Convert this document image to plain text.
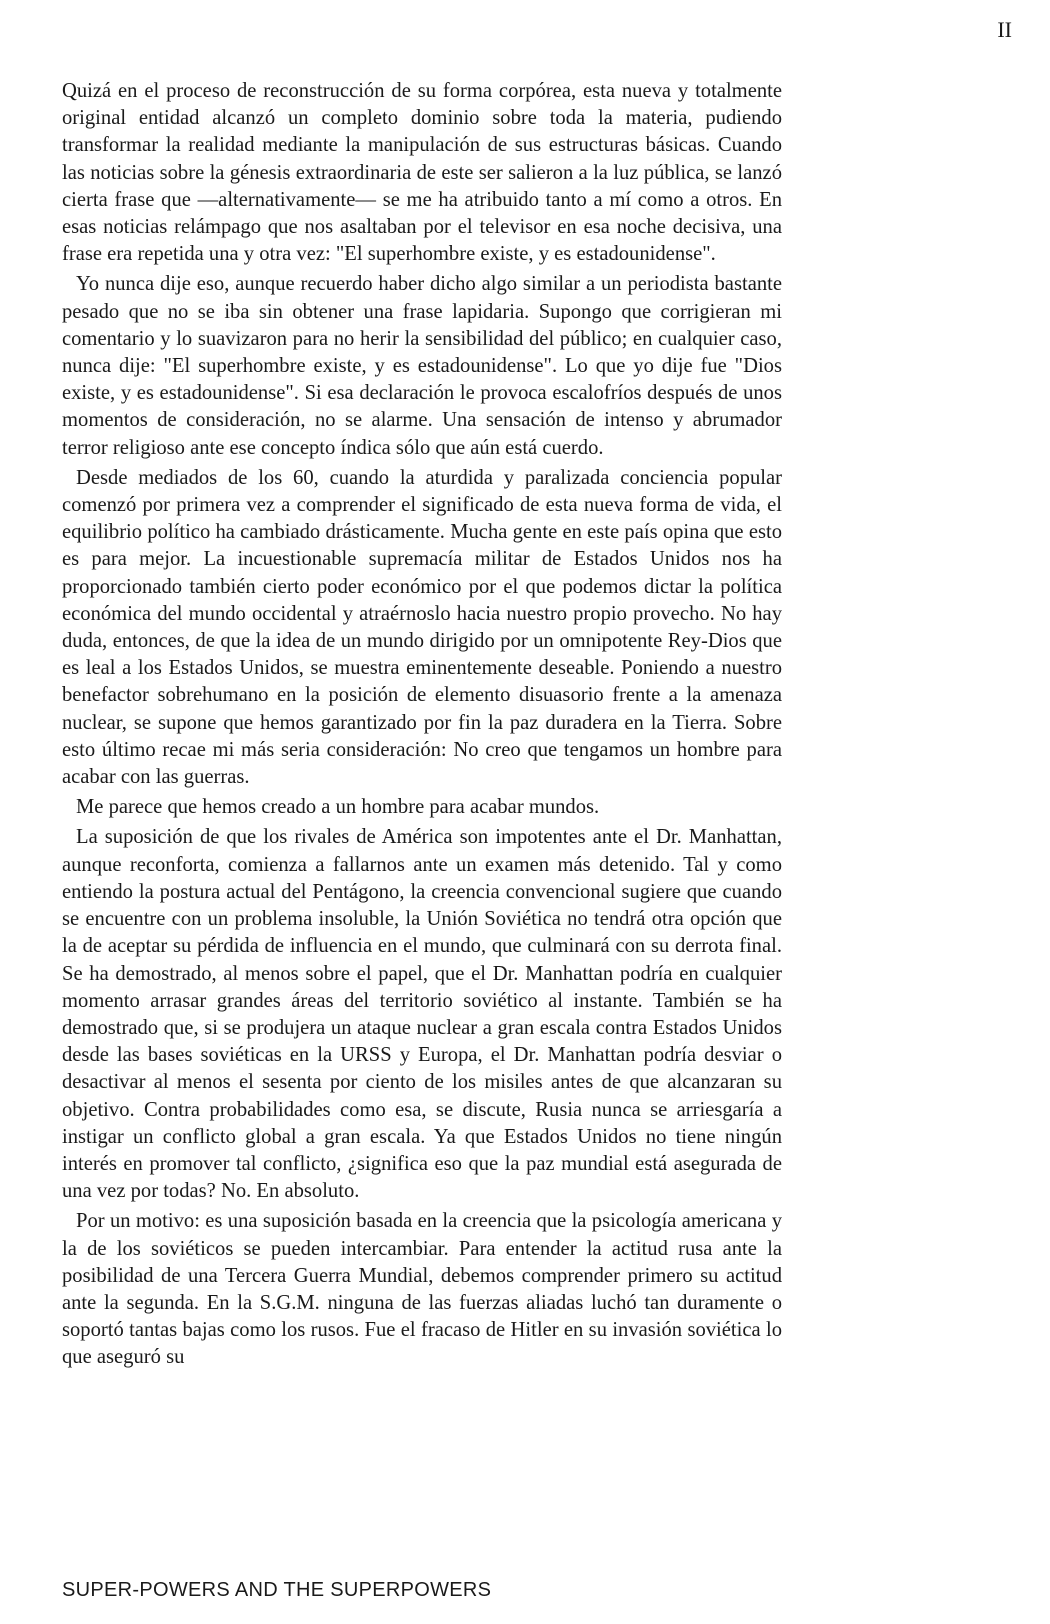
II

Quizá en el proceso de reconstrucción de su forma corpórea, esta nueva y totalmente original entidad alcanzó un completo dominio sobre toda la materia, pudiendo transformar la realidad mediante la manipulación de sus estructuras básicas. Cuando las noticias sobre la génesis extraordinaria de este ser salieron a la luz pública, se lanzó cierta frase que —alternativamente— se me ha atribuido tanto a mí como a otros. En esas noticias relámpago que nos asaltaban por el televisor en esa noche decisiva, una frase era repetida una y otra vez: "El superhombre existe, y es estadounidense".

Yo nunca dije eso, aunque recuerdo haber dicho algo similar a un periodista bastante pesado que no se iba sin obtener una frase lapidaria. Supongo que corrigieran mi comentario y lo suavizaron para no herir la sensibilidad del público; en cualquier caso, nunca dije: "El superhombre existe, y es estadounidense". Lo que yo dije fue "Dios existe, y es estadounidense". Si esa declaración le provoca escalofríos después de unos momentos de consideración, no se alarme. Una sensación de intenso y abrumador terror religioso ante ese concepto índica sólo que aún está cuerdo.

Desde mediados de los 60, cuando la aturdida y paralizada conciencia popular comenzó por primera vez a comprender el significado de esta nueva forma de vida, el equilibrio político ha cambiado drásticamente. Mucha gente en este país opina que esto es para mejor. La incuestionable supremacía militar de Estados Unidos nos ha proporcionado también cierto poder económico por el que podemos dictar la política económica del mundo occidental y atraérnoslo hacia nuestro propio provecho. No hay duda, entonces, de que la idea de un mundo dirigido por un omnipotente Rey-Dios que es leal a los Estados Unidos, se muestra eminentemente deseable. Poniendo a nuestro benefactor sobrehumano en la posición de elemento disuasorio frente a la amenaza nuclear, se supone que hemos garantizado por fin la paz duradera en la Tierra. Sobre esto último recae mi más seria consideración: No creo que tengamos un hombre para acabar con las guerras.

Me parece que hemos creado a un hombre para acabar mundos.

La suposición de que los rivales de América son impotentes ante el Dr. Manhattan, aunque reconforta, comienza a fallarnos ante un examen más detenido. Tal y como entiendo la postura actual del Pentágono, la creencia convencional sugiere que cuando se encuentre con un problema insoluble, la Unión Soviética no tendrá otra opción que la de aceptar su pérdida de influencia en el mundo, que culminará con su derrota final. Se ha demostrado, al menos sobre el papel, que el Dr. Manhattan podría en cualquier momento arrasar grandes áreas del territorio soviético al instante. También se ha demostrado que, si se produjera un ataque nuclear a gran escala contra Estados Unidos desde las bases soviéticas en la URSS y Europa, el Dr. Manhattan podría desviar o desactivar al menos el sesenta por ciento de los misiles antes de que alcanzaran su objetivo. Contra probabilidades como esa, se discute, Rusia nunca se arriesgaría a instigar un conflicto global a gran escala. Ya que Estados Unidos no tiene ningún interés en promover tal conflicto, ¿significa eso que la paz mundial está asegurada de una vez por todas? No. En absoluto.

Por un motivo: es una suposición basada en la creencia que la psicología americana y la de los soviéticos se pueden intercambiar. Para entender la actitud rusa ante la posibilidad de una Tercera Guerra Mundial, debemos comprender primero su actitud ante la segunda. En la S.G.M. ninguna de las fuerzas aliadas luchó tan duramente o soportó tantas bajas como los rusos. Fue el fracaso de Hitler en su invasión soviética lo que aseguró su

SUPER-POWERS AND THE SUPERPOWERS
